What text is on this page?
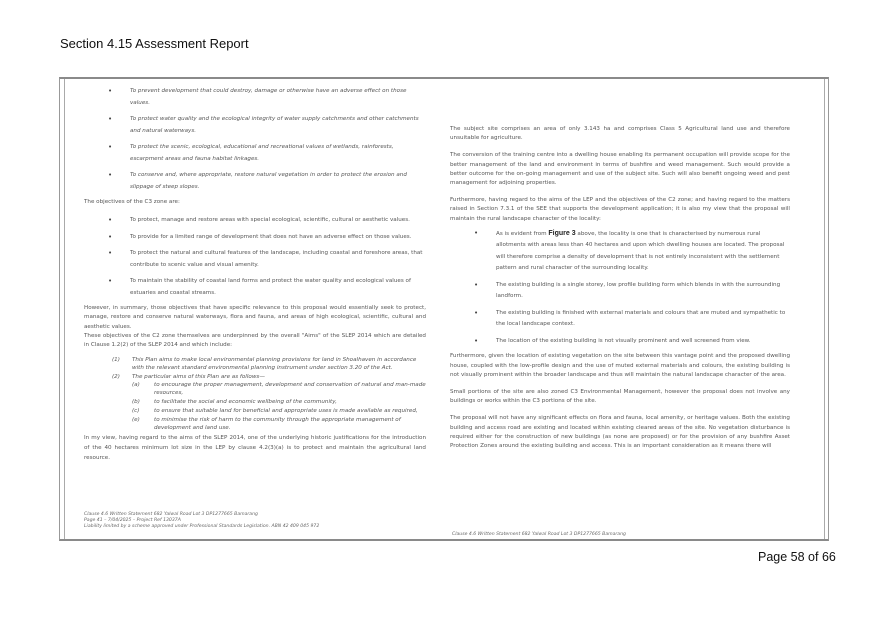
Section 4.15 Assessment Report
• To prevent development that could destroy, damage or otherwise have an adverse effect on those values.
• To protect water quality and the ecological integrity of water supply catchments and other catchments and natural waterways.
• To protect the scenic, ecological, educational and recreational values of wetlands, rainforests, escarpment areas and fauna habitat linkages.
• To conserve and, where appropriate, restore natural vegetation in order to protect the erosion and slippage of steep slopes.

The objectives of the C3 zone are:

• To protect, manage and restore areas with special ecological, scientific, cultural or aesthetic values.
• To provide for a limited range of development that does not have an adverse effect on those values.
• To protect the natural and cultural features of the landscape, including coastal and foreshore areas, that contribute to scenic value and visual amenity.
• To maintain the stability of coastal land forms and protect the water quality and ecological values of estuaries and coastal streams.

However, in summary, those objectives that have specific relevance to this proposal would essentially seek to protect, manage, restore and conserve natural waterways, flora and fauna, and areas of high ecological, scientific, cultural and aesthetic values.

These objectives of the C2 zone themselves are underpinned by the overall "Aims" of the SLEP 2014 which are detailed in Clause 1.2(2) of the SLEP 2014 and which include:

(1) This Plan aims to make local environmental planning provisions for land in Shoalhaven in accordance with the relevant standard environmental planning instrument under section 3.20 of the Act.
(2) The particular aims of this Plan are as follows—
(a)	to encourage the proper management, development and conservation of natural and man-made resources,
(b)	to facilitate the social and economic wellbeing of the community,
(c)	to ensure that suitable land for beneficial and appropriate uses is made available as required,
(e)	to minimise the risk of harm to the community through the appropriate management of development and land use.

In my view, having regard to the aims of the SLEP 2014, one of the underlying historic justifications for the introduction of the 40 hectares minimum lot size in the LEP by clause 4.2(3)(a) is to protect and maintain the agricultural land resource.

Clause 4.6 Written Statement 682 Yalwal Road Lot 3 DP1277665 Bamarang
Page 41 – 7/04/2025 – Project Ref 13037A
Liability limited by a scheme approved under Professional Standards Legislation. ABN 42 409 045 972

The subject site comprises an area of only 3.143 ha and comprises Class 5 Agricultural land use and therefore unsuitable for agriculture.

The conversion of the training centre into a dwelling house enabling its permanent occupation will provide scope for the better management of the land and environment in terms of bushfire and weed management. Such would provide a better outcome for the on-going management and use of the subject site. Such will also benefit ongoing weed and pest management for adjoining properties.

Furthermore, having regard to the aims of the LEP and the objectives of the C2 zone; and having regard to the matters raised in Section 7.3.1 of the SEE that supports the development application; it is also my view that the proposal will maintain the rural landscape character of the locality:

• As is evident from Figure 3 above, the locality is one that is characterised by numerous rural allotments with areas less than 40 hectares and upon which dwelling houses are located. The proposal will therefore comprise a density of development that is not entirely inconsistent with the settlement pattern and rural character of the surrounding locality.
• The existing building is a single storey, low profile building form which blends in with the surrounding landform.
• The existing building is finished with external materials and colours that are muted and sympathetic to the local landscape context.
• The location of the existing building is not visually prominent and well screened from view.

Furthermore, given the location of existing vegetation on the site between this vantage point and the proposed dwelling house, coupled with the low-profile design and the use of muted external materials and colours, the existing building is not visually prominent within the broader landscape and thus will maintain the natural landscape character of the area.

Small portions of the site are also zoned C3 Environmental Management, however the proposal does not involve any buildings or works within the C3 portions of the site.

The proposal will not have any significant effects on flora and fauna, local amenity, or heritage values. Both the existing building and access road are existing and located within existing cleared areas of the site. No vegetation disturbance is required either for the construction of new buildings (as none are proposed) or for the provision of any bushfire Asset Protection Zones around the existing building and access. This is an important consideration as it means there will

Clause 4.6 Written Statement 682 Yalwal Road Lot 3 DP1277665 Bamarang
Page 58 of 66
